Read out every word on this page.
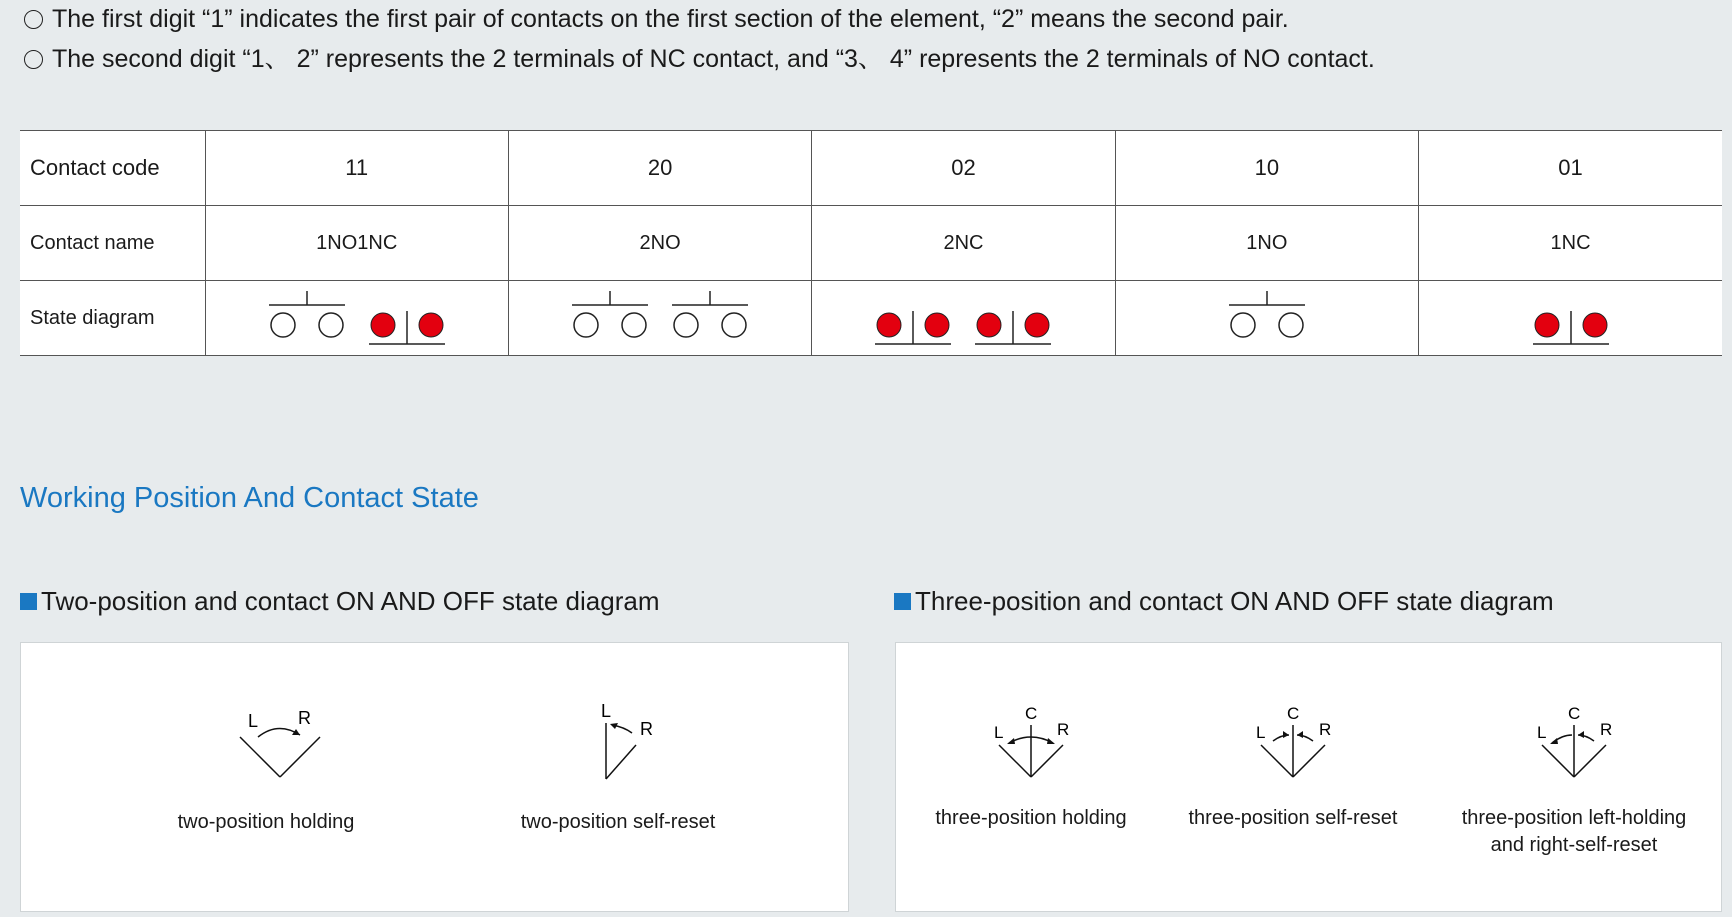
The first digit “1” indicates the first pair of contacts on the first section of the element, “2” means the second pair.
The second digit “1、 2” represents the 2 terminals of NC contact, and “3、 4” represents the 2 terminals of NO contact.
Contact code	11	20	02	10	01
Contact name	1NO1NC	2NO	2NC	1NO	1NC
State diagram	

Working Position And Contact State
Two-position and contact ON AND OFF state diagram	Three-position and contact ON AND OFF state diagram
L R
two-position holding
L
R
two-position self-reset
C
L	R
three-position holding
C
L	R
three-position self-reset
C
L	R
three-position left-holding
and right-self-reset
